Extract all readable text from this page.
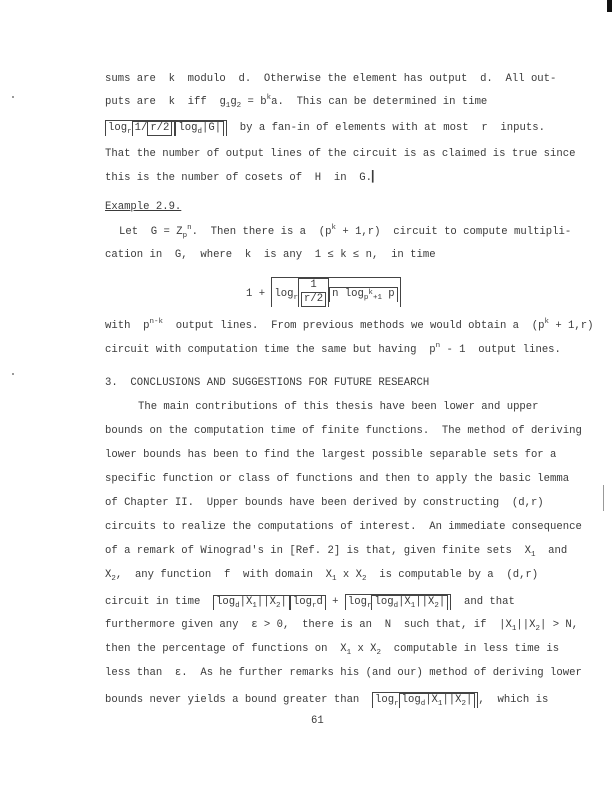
sums are  k  modulo  d.  Otherwise the element has output  d.  All out-
puts are  k  iff  $g_1g_2 = b^ka$.  This can be determined in time
$\log_r 1/$ r/2 $\log_d|G|$  by a fan-in of elements with at most  r  inputs.
That the number of output lines of the circuit is as claimed is true since
this is the number of cosets of  H  in  G.▎
Example 2.9.
Let  $G = Z_p^n$.  Then there is a  $(p^k + 1,r)$  circuit to compute multipli-
cation in  G,  where  k  is any  1 ≤ k ≤ n,  in time
$1 + \log_r \frac{1}{r/2}$ n $\log_{pk+1} p$
with  $p^{n-k}$  output lines.  From previous methods we would obtain a  $(p^k + 1,r)$
circuit with computation time the same but having  $p^n - 1$  output lines.
3.  CONCLUSIONS AND SUGGESTIONS FOR FUTURE RESEARCH
The main contributions of this thesis have been lower and upper
bounds on the computation time of finite functions.  The method of deriving
lower bounds has been to find the largest possible separable sets for a
specific function or class of functions and then to apply the basic lemma
of Chapter II.  Upper bounds have been derived by constructing  (d,r)
circuits to realize the computations of interest.  An immediate consequence
of a remark of Winograd's in [Ref. 2] is that, given finite sets  $X_1$  and
$X_2$,  any function  f  with domain  $X_1$ x $X_2$  is computable by a  (d,r)
circuit in time  $\log_d|X_1||X_2|$ $\log_rd + \log_r \log_d|X_1||X_2|$  and that
furthermore given any  ε > 0,  there is an  N  such that, if  $|X_1||X_2| > N$,
then the percentage of functions on  $X_1$ x $X_2$  computable in less time is
less than  ε.  As he further remarks his (and our) method of deriving lower
bounds never yields a bound greater than  $\log_r \log_d|X_1||X_2|$ ,  which is
61
